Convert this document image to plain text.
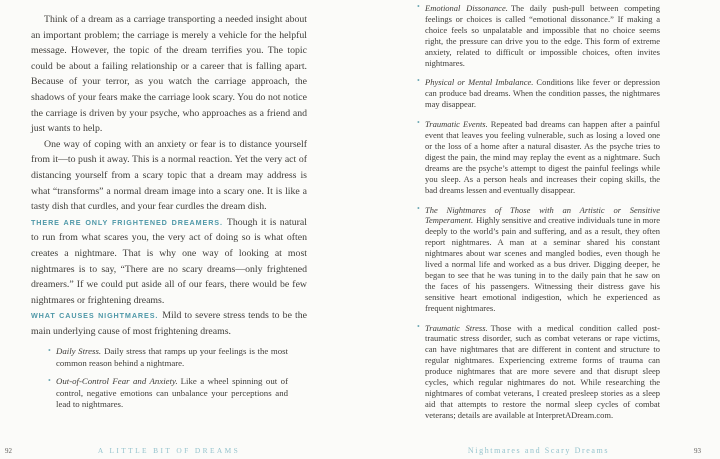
Think of a dream as a carriage transporting a needed insight about an important problem; the carriage is merely a vehicle for the helpful message. However, the topic of the dream terrifies you. The topic could be about a failing relationship or a career that is falling apart. Because of your terror, as you watch the carriage approach, the shadows of your fears make the carriage look scary. You do not notice the carriage is driven by your psyche, who approaches as a friend and just wants to help.

One way of coping with an anxiety or fear is to distance yourself from it—to push it away. This is a normal reaction. Yet the very act of distancing yourself from a scary topic that a dream may address is what “transforms” a normal dream image into a scary one. It is like a tasty dish that curdles, and your fear curdles the dream dish.

THERE ARE ONLY FRIGHTENED DREAMERS. Though it is natural to run from what scares you, the very act of doing so is what often creates a nightmare. That is why one way of looking at most nightmares is to say, “There are no scary dreams—only frightened dreamers.” If we could put aside all of our fears, there would be few nightmares or frightening dreams.

WHAT CAUSES NIGHTMARES. Mild to severe stress tends to be the main underlying cause of most frightening dreams.

• Daily Stress. Daily stress that ramps up your feelings is the most common reason behind a nightmare.
• Out-of-Control Fear and Anxiety. Like a wheel spinning out of control, negative emotions can unbalance your perceptions and lead to nightmares.
• Emotional Dissonance. The daily push-pull between competing feelings or choices is called “emotional dissonance.” If making a choice feels so unpalatable and impossible that no choice seems right, the pressure can drive you to the edge. This form of extreme anxiety, related to difficult or impossible choices, often invites nightmares.
• Physical or Mental Imbalance. Conditions like fever or depression can produce bad dreams. When the condition passes, the nightmares may disappear.
• Traumatic Events. Repeated bad dreams can happen after a painful event that leaves you feeling vulnerable, such as losing a loved one or the loss of a home after a natural disaster. As the psyche tries to digest the pain, the mind may replay the event as a nightmare. Such dreams are the psyche’s attempt to digest the painful feelings while you sleep. As a person heals and increases their coping skills, the bad dreams lessen and eventually disappear.
• The Nightmares of Those with an Artistic or Sensitive Temperament. Highly sensitive and creative individuals tune in more deeply to the world’s pain and suffering, and as a result, they often report nightmares. A man at a seminar shared his constant nightmares about war scenes and mangled bodies, even though he lived a normal life and worked as a bus driver. Digging deeper, he began to see that he was tuning in to the daily pain that he saw on the faces of his passengers. Witnessing their distress gave his sensitive heart emotional indigestion, which he experienced as frequent nightmares.
• Traumatic Stress. Those with a medical condition called post-traumatic stress disorder, such as combat veterans or rape victims, can have nightmares that are different in content and structure to regular nightmares. Experiencing extreme forms of trauma can produce nightmares that are more severe and that disrupt sleep cycles, which regular nightmares do not. While researching the nightmares of combat veterans, I created presleep stories as a sleep aid that attempts to restore the normal sleep cycles of combat veterans; details are available at InterpretADream.com.
92	A LITTLE BIT OF DREAMS	Nightmares and Scary Dreams	93
